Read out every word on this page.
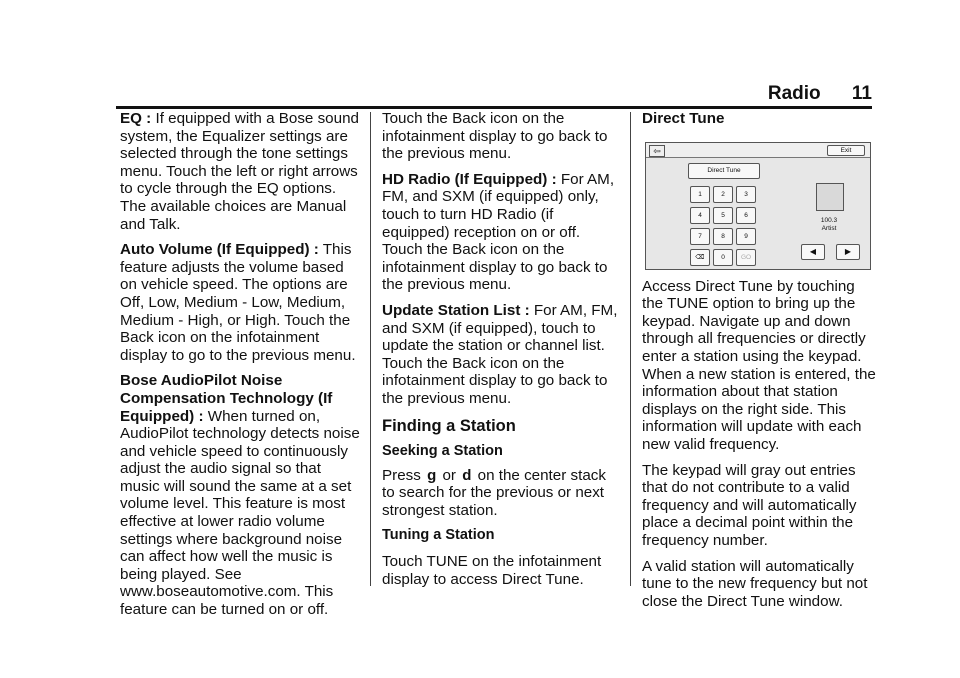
Radio 11

EQ : If equipped with a Bose sound system, the Equalizer settings are selected through the tone settings menu. Touch the left or right arrows to cycle through the EQ options. The available choices are Manual and Talk.

Auto Volume (If Equipped) : This feature adjusts the volume based on vehicle speed. The options are Off, Low, Medium - Low, Medium, Medium - High, or High. Touch the Back icon on the infotainment display to go to the previous menu.

Bose AudioPilot Noise Compensation Technology (If Equipped) : When turned on, AudioPilot technology detects noise and vehicle speed to continuously adjust the audio signal so that music will sound the same at a set volume level. This feature is most effective at lower radio volume settings where background noise can affect how well the music is being played. See www.boseautomotive.com. This feature can be turned on or off.

Touch the Back icon on the infotainment display to go back to the previous menu.

HD Radio (If Equipped) : For AM, FM, and SXM (if equipped) only, touch to turn HD Radio (if equipped) reception on or off. Touch the Back icon on the infotainment display to go back to the previous menu.

Update Station List : For AM, FM, and SXM (if equipped), touch to update the station or channel list. Touch the Back icon on the infotainment display to go back to the previous menu.

Finding a Station
Seeking a Station

Press g or d on the center stack to search for the previous or next strongest station.

Tuning a Station

Touch TUNE on the infotainment display to access Direct Tune.

Direct Tune

⇦	Exit
Direct Tune
1	2	3
4	5	6
7	8	9
⌫	0	GO
100.3
Artist
◀	▶

Access Direct Tune by touching the TUNE option to bring up the keypad. Navigate up and down through all frequencies or directly enter a station using the keypad. When a new station is entered, the information about that station displays on the right side. This information will update with each new valid frequency.

The keypad will gray out entries that do not contribute to a valid frequency and will automatically place a decimal point within the frequency number.

A valid station will automatically tune to the new frequency but not close the Direct Tune window.
